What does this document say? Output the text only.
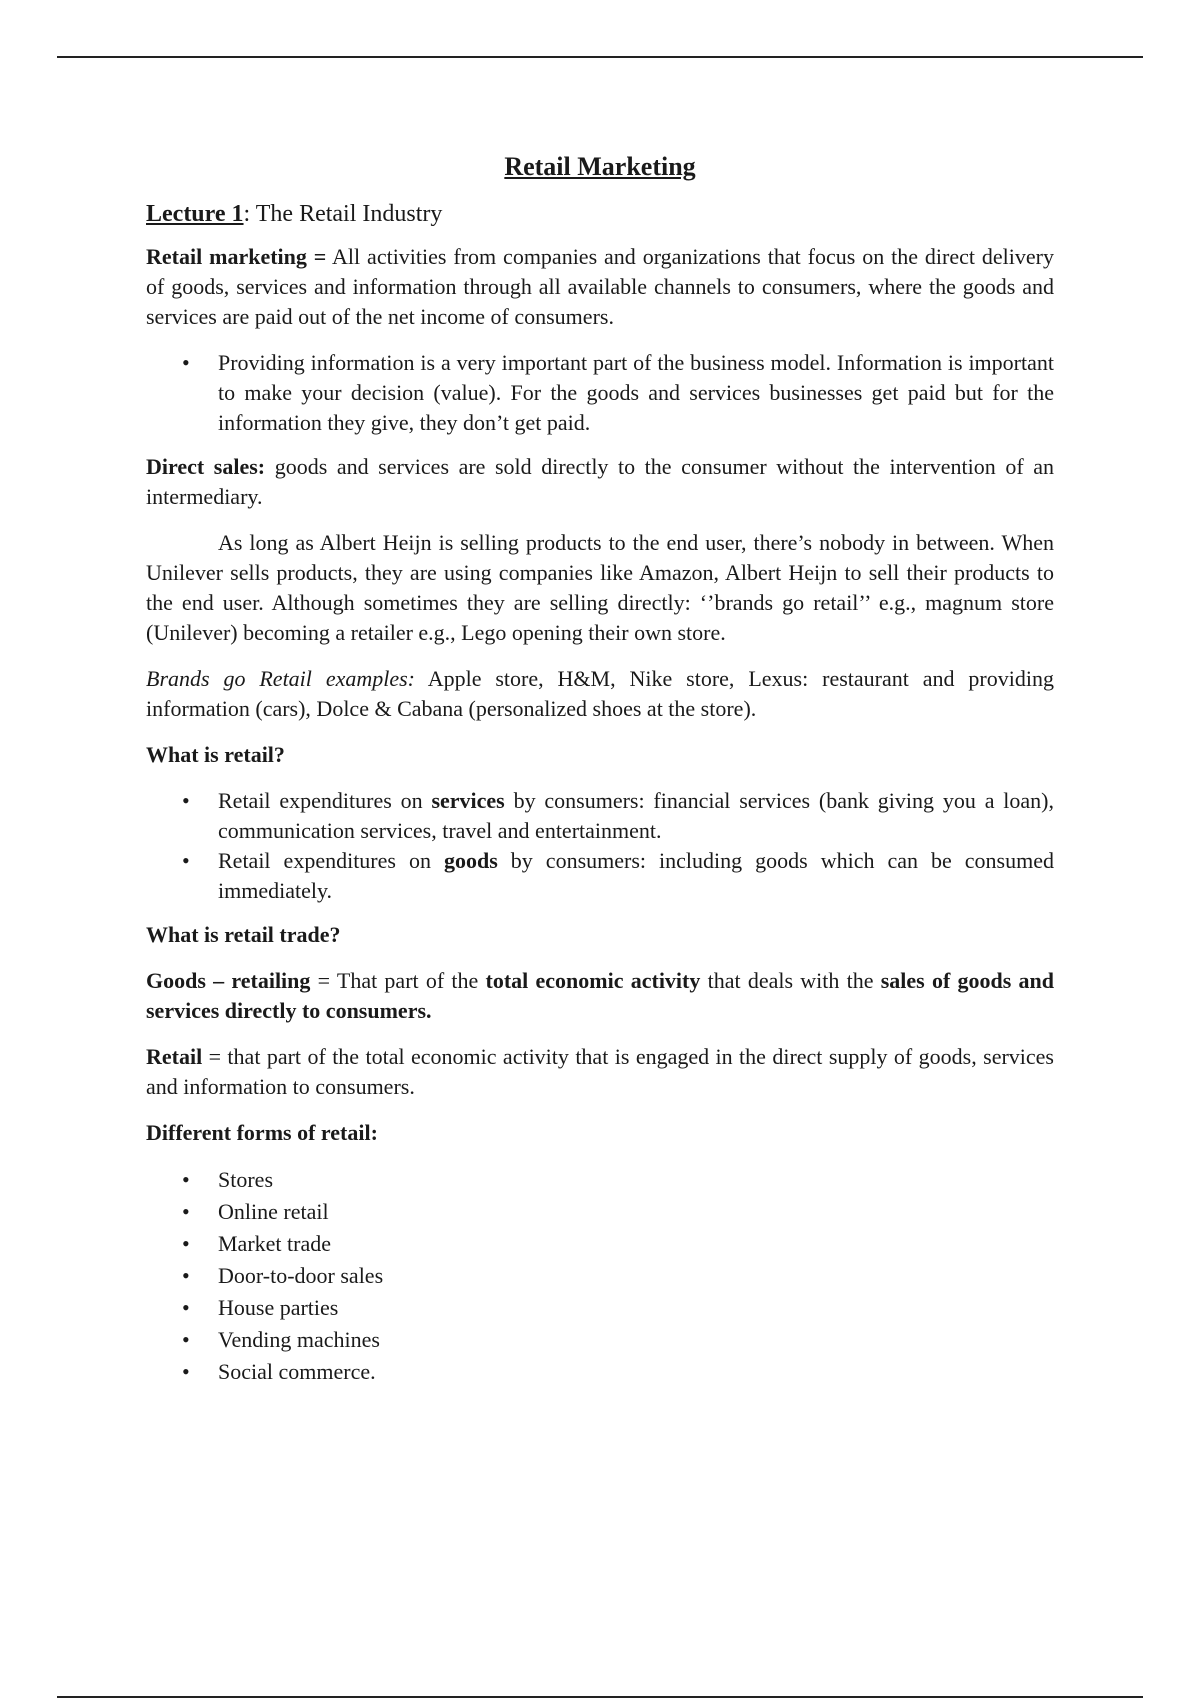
Retail Marketing
Lecture 1: The Retail Industry

Retail marketing = All activities from companies and organizations that focus on the direct delivery of goods, services and information through all available channels to consumers, where the goods and services are paid out of the net income of consumers.

• Providing information is a very important part of the business model. Information is important to make your decision (value). For the goods and services businesses get paid but for the information they give, they don’t get paid.

Direct sales: goods and services are sold directly to the consumer without the intervention of an intermediary.

As long as Albert Heijn is selling products to the end user, there’s nobody in between. When Unilever sells products, they are using companies like Amazon, Albert Heijn to sell their products to the end user. Although sometimes they are selling directly: ‘’brands go retail’’ e.g., magnum store (Unilever) becoming a retailer e.g., Lego opening their own store.

Brands go Retail examples: Apple store, H&M, Nike store, Lexus: restaurant and providing information (cars), Dolce & Cabana (personalized shoes at the store).

What is retail?
• Retail expenditures on services by consumers: financial services (bank giving you a loan), communication services, travel and entertainment.
• Retail expenditures on goods by consumers: including goods which can be consumed immediately.
What is retail trade?

Goods – retailing = That part of the total economic activity that deals with the sales of goods and services directly to consumers.

Retail = that part of the total economic activity that is engaged in the direct supply of goods, services and information to consumers.

Different forms of retail:
• Stores
• Online retail
• Market trade
• Door-to-door sales
• House parties
• Vending machines
• Social commerce.
